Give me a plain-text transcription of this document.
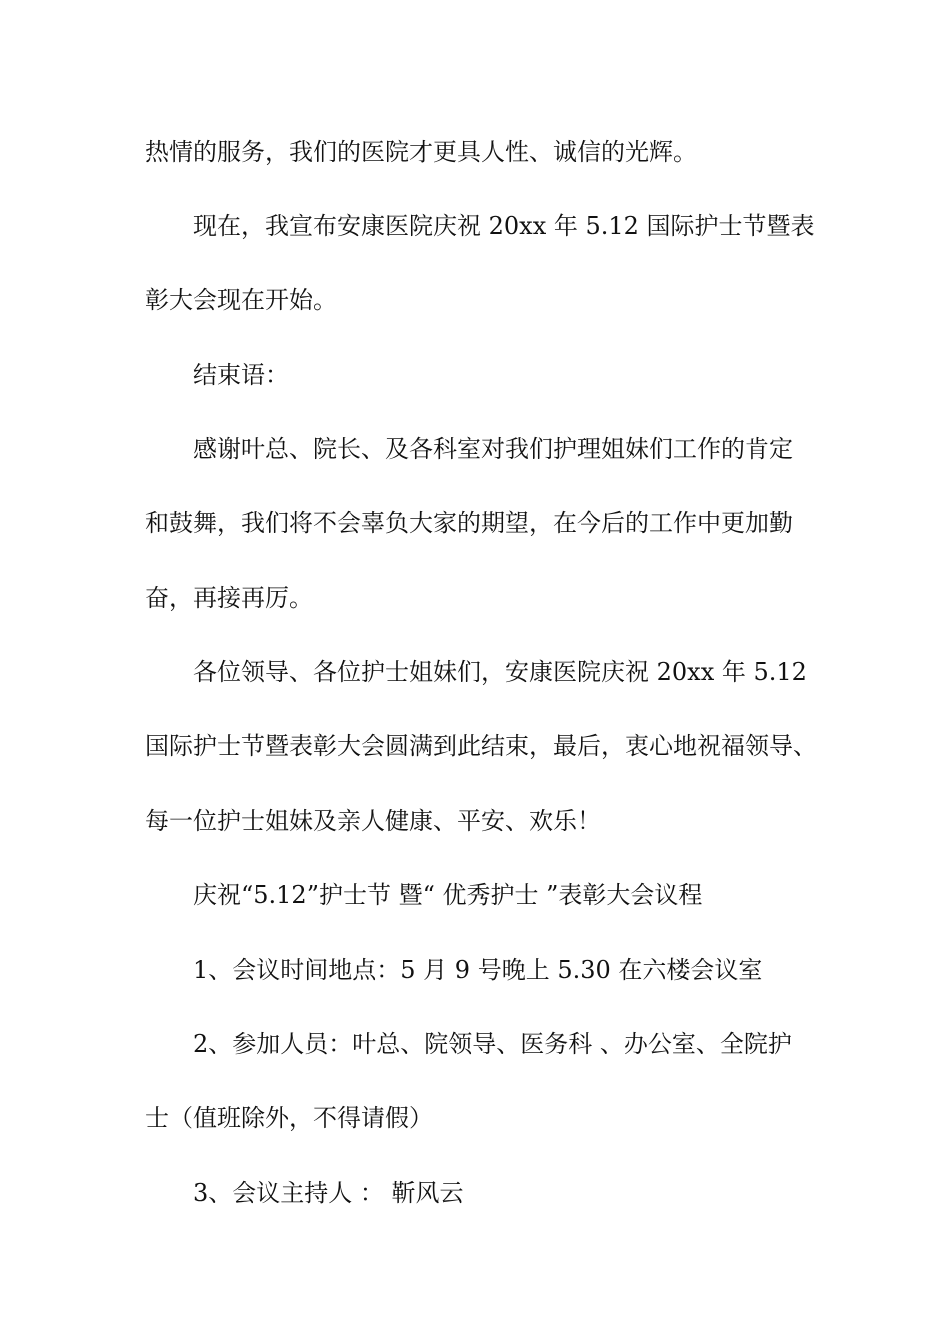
热情的服务，我们的医院才更具人性、诚信的光辉。
现在，我宣布安康医院庆祝 20xx 年 5.12 国际护士节暨表
彰大会现在开始。
结束语：
感谢叶总、院长、及各科室对我们护理姐妹们工作的肯定
和鼓舞，我们将不会辜负大家的期望，在今后的工作中更加勤
奋，再接再厉。
各位领导、各位护士姐妹们，安康医院庆祝 20xx 年 5.12
国际护士节暨表彰大会圆满到此结束，最后，衷心地祝福领导、
每一位护士姐妹及亲人健康、平安、欢乐！
庆祝“5.12”护士节 暨“ 优秀护士 ”表彰大会议程
1、会议时间地点：5 月 9 号晚上 5.30 在六楼会议室
2、参加人员：叶总、院领导、医务科 、办公室、全院护
士（值班除外，不得请假）
3、会议主持人 ： 靳风云
